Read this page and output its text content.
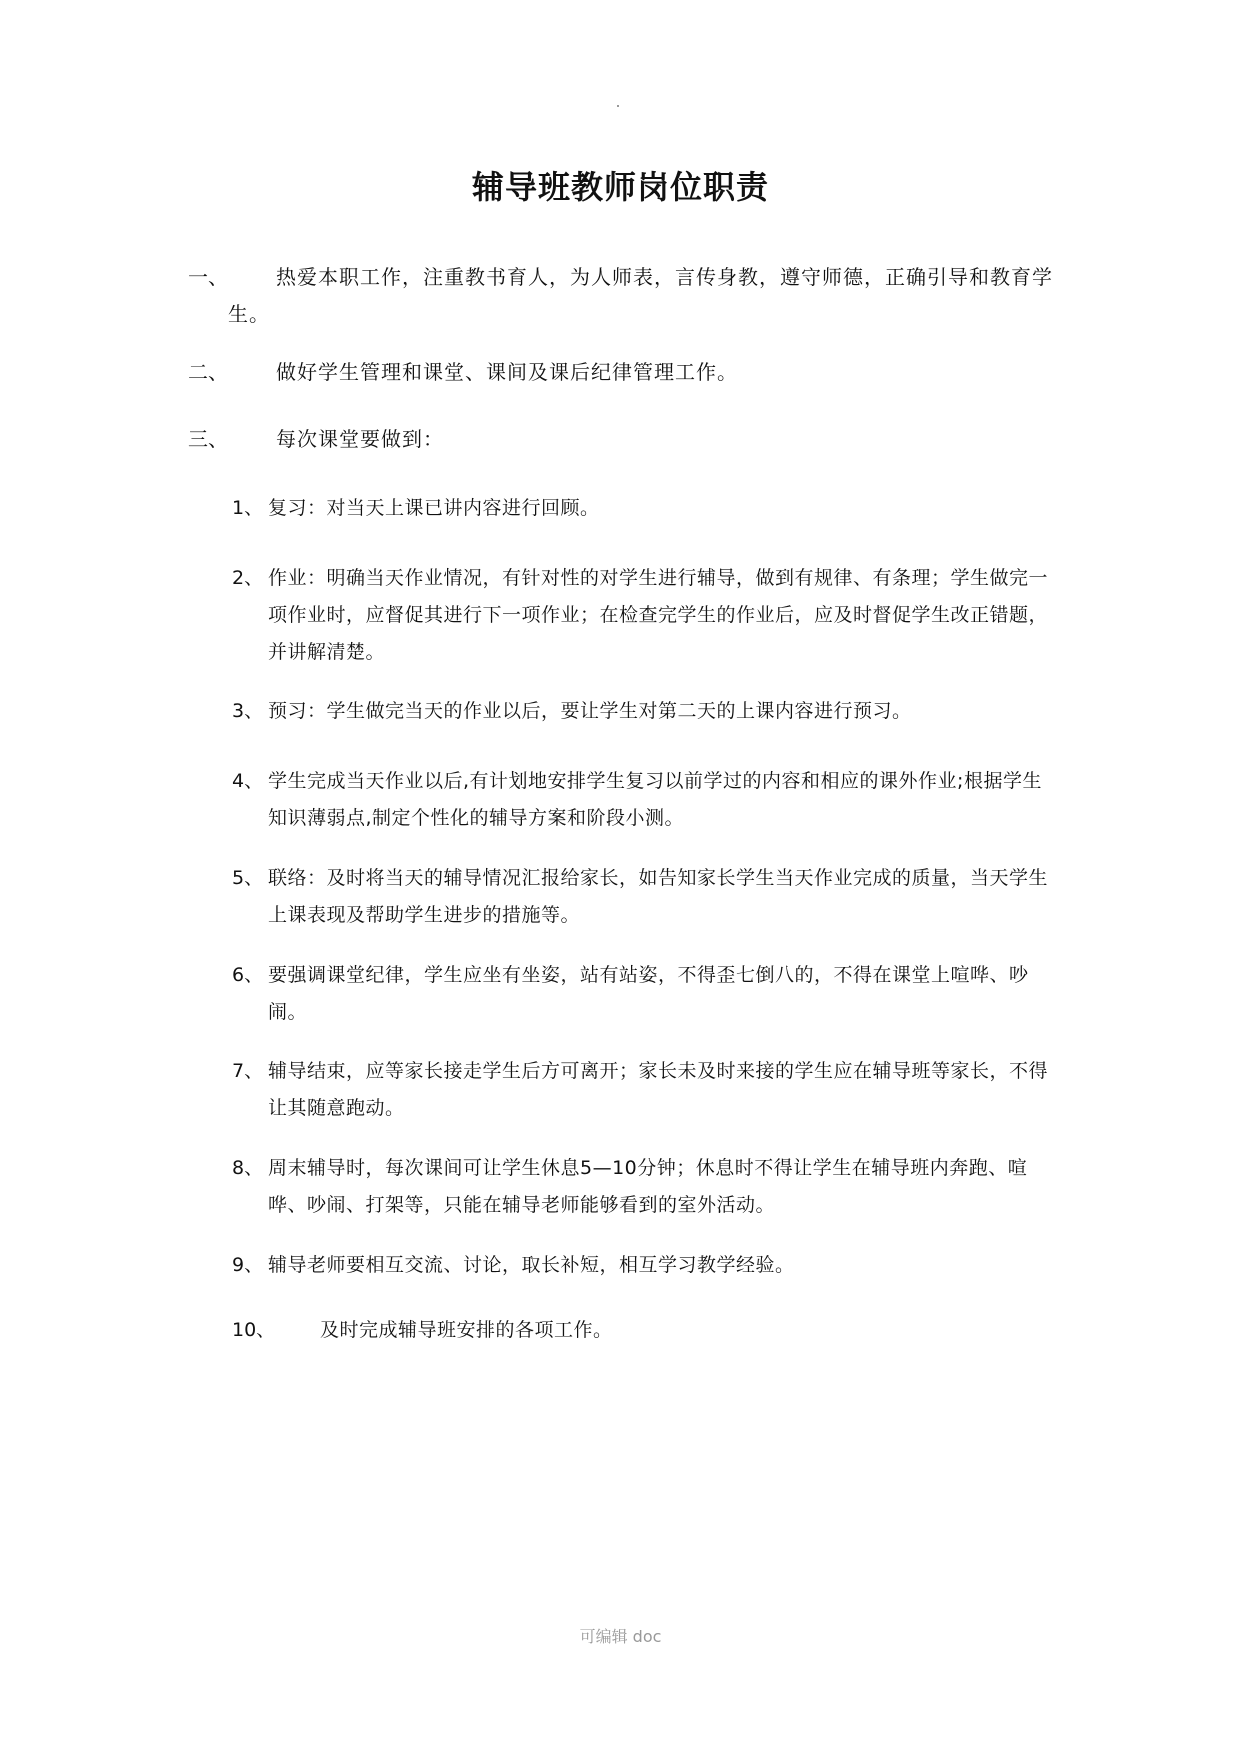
辅导班教师岗位职责
一、	热爱本职工作，注重教书育人，为人师表，言传身教，遵守师德，正确引导和教育学生。
二、	做好学生管理和课堂、课间及课后纪律管理工作。
三、	每次课堂要做到：
1、 复习：对当天上课已讲内容进行回顾。
2、 作业：明确当天作业情况，有针对性的对学生进行辅导，做到有规律、有条理；学生做完一项作业时，应督促其进行下一项作业；在检查完学生的作业后，应及时督促学生改正错题，并讲解清楚。
3、 预习：学生做完当天的作业以后，要让学生对第二天的上课内容进行预习。
4、 学生完成当天作业以后,有计划地安排学生复习以前学过的内容和相应的课外作业;根据学生知识薄弱点,制定个性化的辅导方案和阶段小测。
5、 联络：及时将当天的辅导情况汇报给家长，如告知家长学生当天作业完成的质量，当天学生上课表现及帮助学生进步的措施等。
6、 要强调课堂纪律，学生应坐有坐姿，站有站姿，不得歪七倒八的，不得在课堂上喧哗、吵闹。
7、 辅导结束，应等家长接走学生后方可离开；家长未及时来接的学生应在辅导班等家长，不得让其随意跑动。
8、 周末辅导时，每次课间可让学生休息5—10分钟；休息时不得让学生在辅导班内奔跑、喧哗、吵闹、打架等，只能在辅导老师能够看到的室外活动。
9、 辅导老师要相互交流、讨论，取长补短，相互学习教学经验。
10、 及时完成辅导班安排的各项工作。
可编辑 doc
